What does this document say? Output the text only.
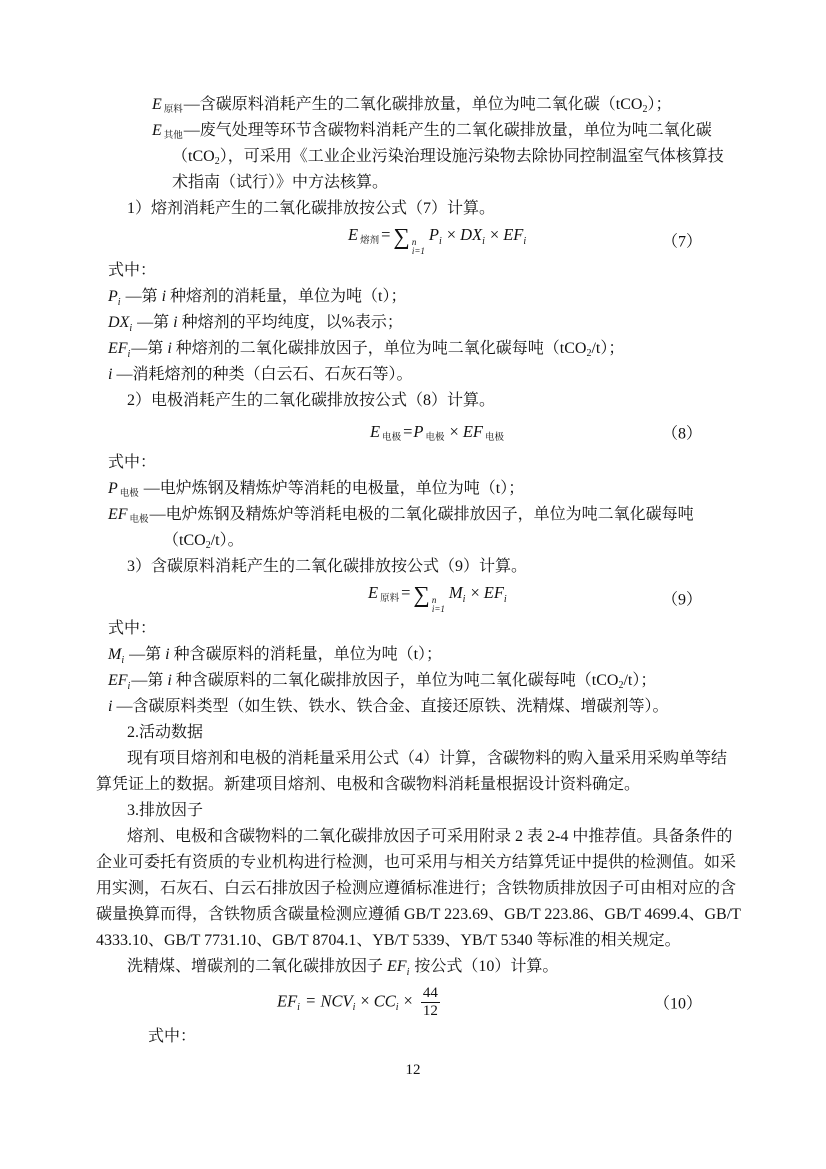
E原料—含碳原料消耗产生的二氧化碳排放量，单位为吨二氧化碳（tCO2）；
E其他—废气处理等环节含碳物料消耗产生的二氧化碳排放量，单位为吨二氧化碳
（tCO2），可采用《工业企业污染治理设施污染物去除协同控制温室气体核算技
术指南（试行）》中方法核算。
1）熔剂消耗产生的二氧化碳排放按公式（7）计算。
E熔剂 = ∑ n
i=1
$P_i \times DX_i \times EF_i$	（7）
式中：
$P_i$ —第 i 种熔剂的消耗量，单位为吨（t）；
$DX_i$ —第 i 种熔剂的平均纯度，以%表示；
$EF_i—$第 i 种熔剂的二氧化碳排放因子，单位为吨二氧化碳每吨（tCO2/t）；
i —消耗熔剂的种类（白云石、石灰石等）。
2）电极消耗产生的二氧化碳排放按公式（8）计算。
E电极 =P 电极 × EF 电极	（8）
式中：
P电极 —电炉炼钢及精炼炉等消耗的电极量，单位为吨（t）；
EF 电极—电炉炼钢及精炼炉等消耗电极的二氧化碳排放因子，单位为吨二氧化碳每吨
（tCO2/t）。
3）含碳原料消耗产生的二氧化碳排放按公式（9）计算。
E原料 = ∑ n
i=1
$M_i \times EF_i$	（9）
式中：
$M_i$ —第 i 种含碳原料的消耗量，单位为吨（t）；
$EF_i—$第 i 种含碳原料的二氧化碳排放因子，单位为吨二氧化碳每吨（tCO2/t）；
i —含碳原料类型（如生铁、铁水、铁合金、直接还原铁、洗精煤、增碳剂等）。
2.活动数据
现有项目熔剂和电极的消耗量采用公式（4）计算，含碳物料的购入量采用采购单等结
算凭证上的数据。新建项目熔剂、电极和含碳物料消耗量根据设计资料确定。
3.排放因子
熔剂、电极和含碳物料的二氧化碳排放因子可采用附录 2 表 2-4 中推荐值。具备条件的
企业可委托有资质的专业机构进行检测，也可采用与相关方结算凭证中提供的检测值。如采
用实测，石灰石、白云石排放因子检测应遵循标准进行；含铁物质排放因子可由相对应的含
碳量换算而得，含铁物质含碳量检测应遵循 GB/T 223.69、GB/T 223.86、GB/T 4699.4、GB/T
4333.10、GB/T 7731.10、GB/T 8704.1、YB/T 5339、YB/T 5340 等标准的相关规定。
洗精煤、增碳剂的二氧化碳排放因子 $EF_i$ 按公式（10）计算。
$EF_i = NCV_i \times CC_i \times \frac{44}{12}$	（10）
式中：
12
